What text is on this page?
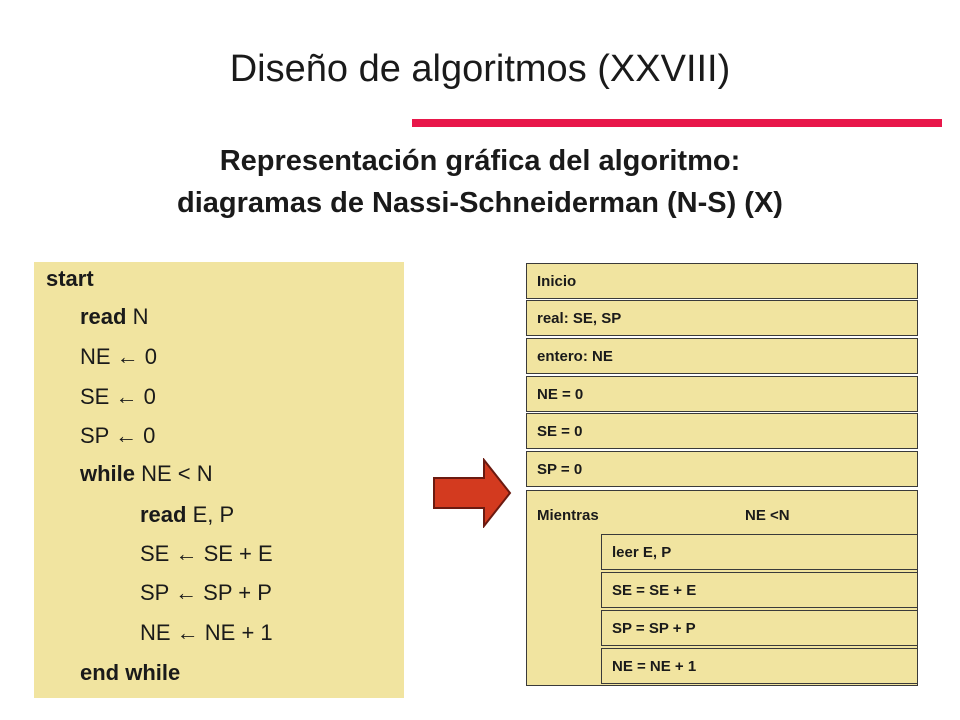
Diseño de algoritmos (XXVIII)
Representación gráfica del algoritmo:
diagramas de Nassi-Schneiderman (N-S) (X)
start
read N
NE ← 0
SE ← 0
SP ← 0
while NE < N
read E, P
SE ← SE + E
SP ← SP + P
NE ← NE + 1
end while
Inicio
real: SE, SP
entero: NE
NE = 0
SE = 0
SP = 0
Mientras	NE <N
leer E, P
SE = SE + E
SP = SP + P
NE = NE + 1
